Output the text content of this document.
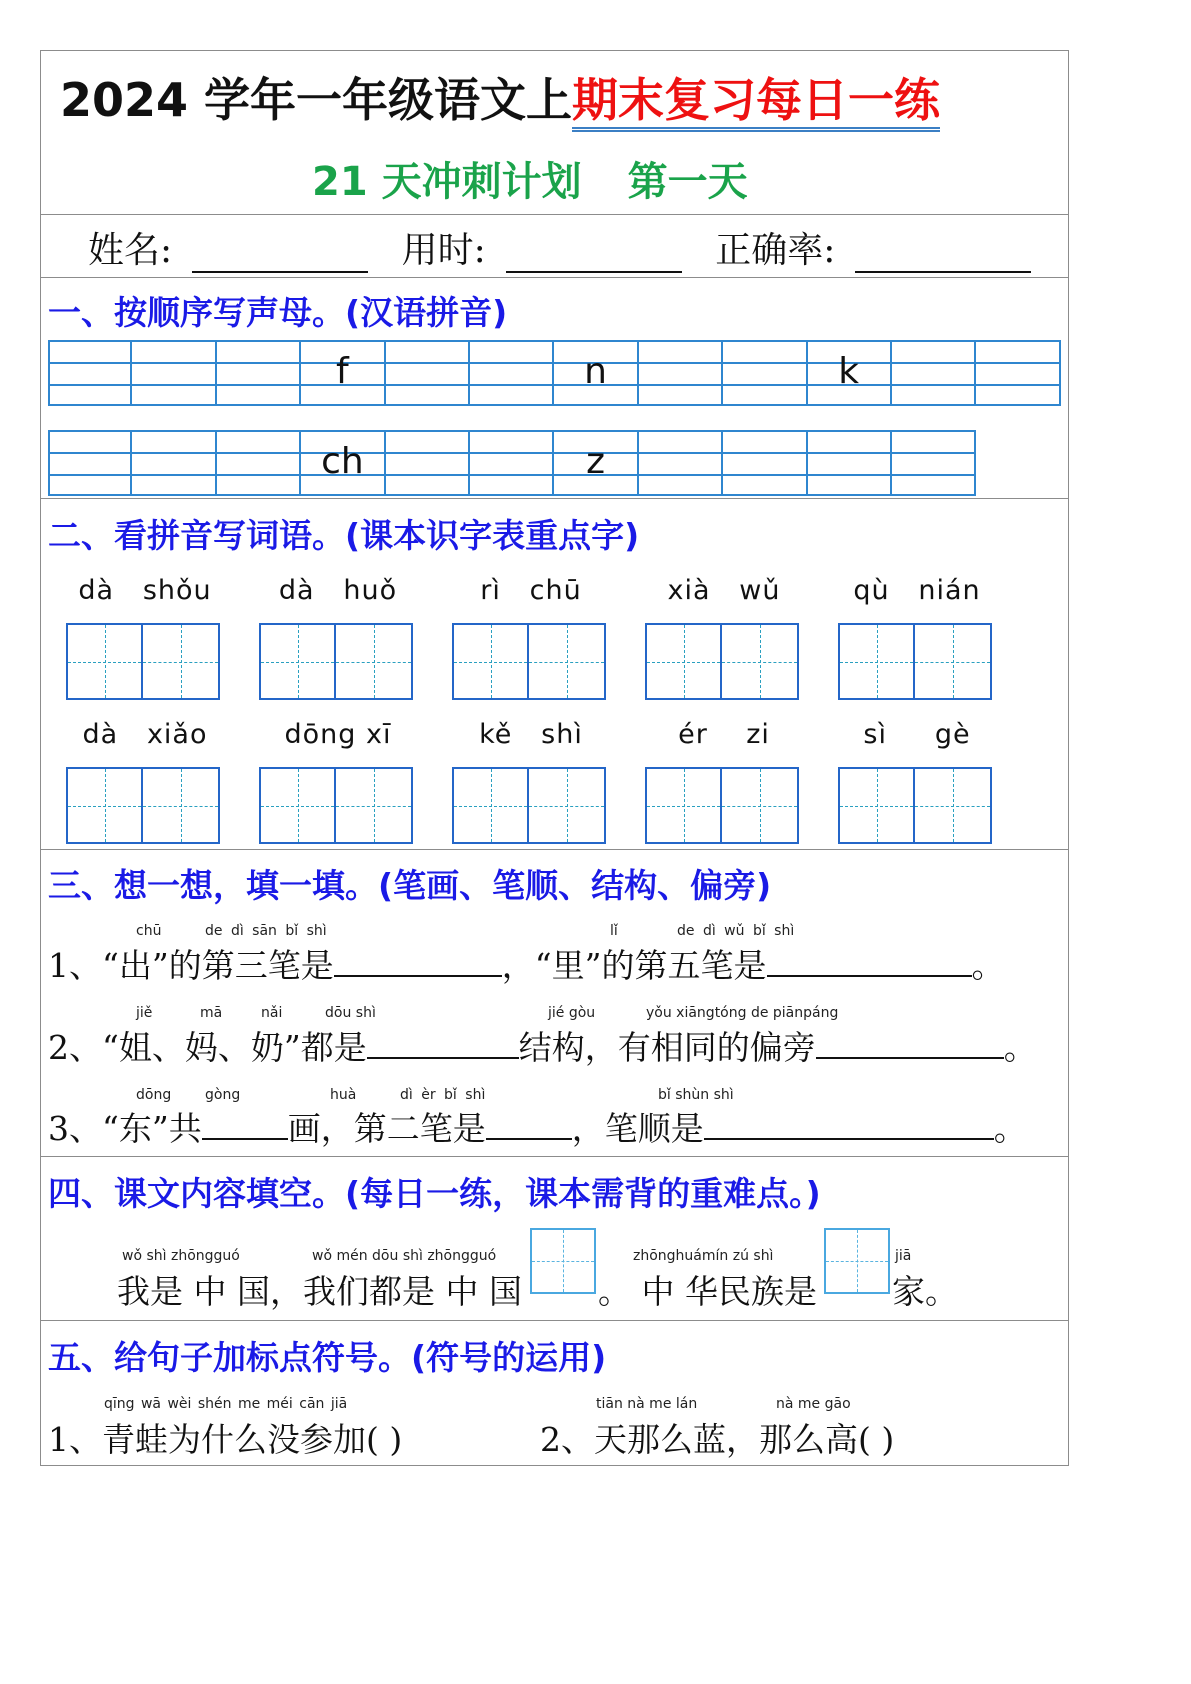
2024 学年一年级语文上期末复习每日一练
21 天冲刺计划 第一天
姓名:
	用时:
	正确率:
一、按顺序写声母。(汉语拼音)
f	n	k
ch	z
二、看拼音写词语。(课本识字表重点字)
dà shǒu	dà huǒ	rì chū	xià wǔ	qù nián
dà xiǎo	dōng xī	kě shì	ér zi	sì gè
三、想一想，填一填。(笔画、笔顺、结构、偏旁)
chū	de dì sān bǐ shì	lǐ	de dì wǔ bǐ shì
1、“出”的第三笔是	，“里”的第五笔是	。
jiě	mā	nǎi	dōu shì	jié gòu	yǒu xiāngtóng de piānpáng
2、“姐、妈、奶”都是	结构，有相同的偏旁	。
dōng gòng	huà	dì èr bǐ shì	bǐ shùn shì
3、“东”共	画，第二笔是	，笔顺是	。
四、课文内容填空。(每日一练，课本需背的重难点。)
wǒ shì zhōngguó	wǒ mén dōu shì zhōngguó	zhōnghuámín zú shì	jiā
我是 中 国，我们都是 中 国 。 中 华民族是 家。
五、给句子加标点符号。(符号的运用)
qīng wā wèi shén me méi cān jiā	tiān nà me lán	nà me gāo
1、青蛙为什么没参加( )	2、天那么蓝，那么高( )
